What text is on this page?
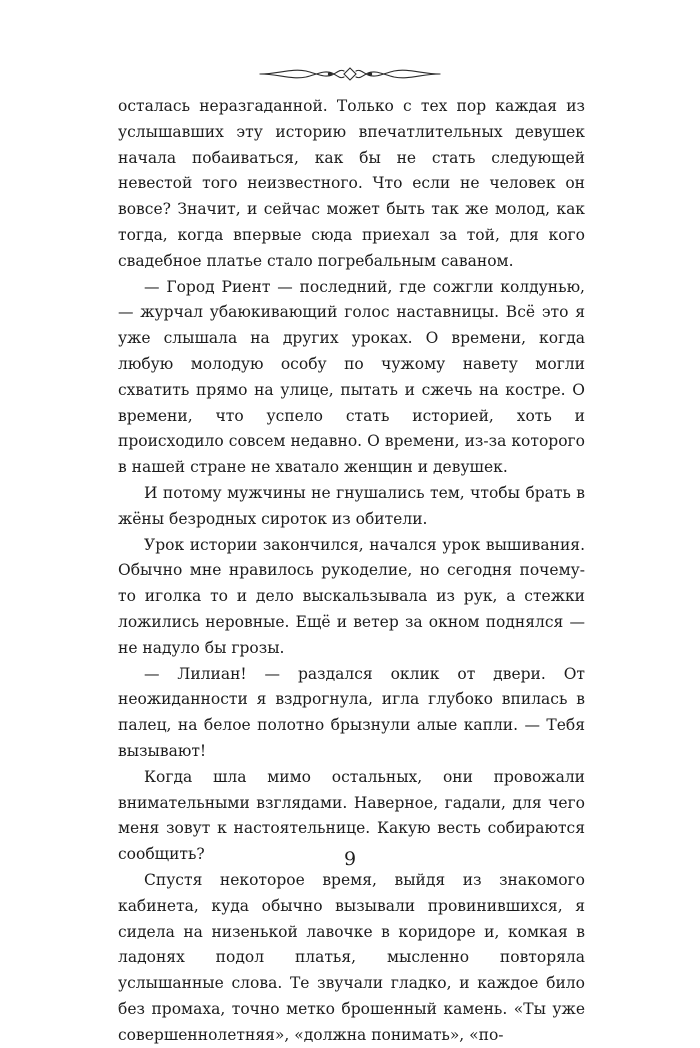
осталась неразгаданной. Только с тех пор каждая из услышавших эту историю впечатлительных девушек начала побаиваться, как бы не стать следующей невестой того неизвестного. Что если не человек он вовсе? Значит, и сейчас может быть так же молод, как тогда, когда впервые сюда приехал за той, для кого свадебное платье стало погребальным саваном.

— Город Риент — последний, где сожгли колдунью, — журчал убаюкивающий голос наставницы. Всё это я уже слышала на других уроках. О времени, когда любую молодую особу по чужому навету могли схватить прямо на улице, пытать и сжечь на костре. О времени, что успело стать историей, хоть и происходило совсем недавно. О времени, из-за которого в нашей стране не хватало женщин и девушек.

И потому мужчины не гнушались тем, чтобы брать в жёны безродных сироток из обители.

Урок истории закончился, начался урок вышивания. Обычно мне нравилось рукоделие, но сегодня почему-то иголка то и дело выскальзывала из рук, а стежки ложились неровные. Ещё и ветер за окном поднялся — не надуло бы грозы.

— Лилиан! — раздался оклик от двери. От неожиданности я вздрогнула, игла глубоко впилась в палец, на белое полотно брызнули алые капли. — Тебя вызывают!

Когда шла мимо остальных, они провожали внимательными взглядами. Наверное, гадали, для чего меня зовут к настоятельнице. Какую весть собираются сообщить?

Спустя некоторое время, выйдя из знакомого кабинета, куда обычно вызывали провинившихся, я сидела на низенькой лавочке в коридоре и, комкая в ладонях подол платья, мысленно повторяла услышанные слова. Те звучали гладко, и каждое било без промаха, точно метко брошенный камень. «Ты уже совершеннолетняя», «должна понимать», «по-

9
